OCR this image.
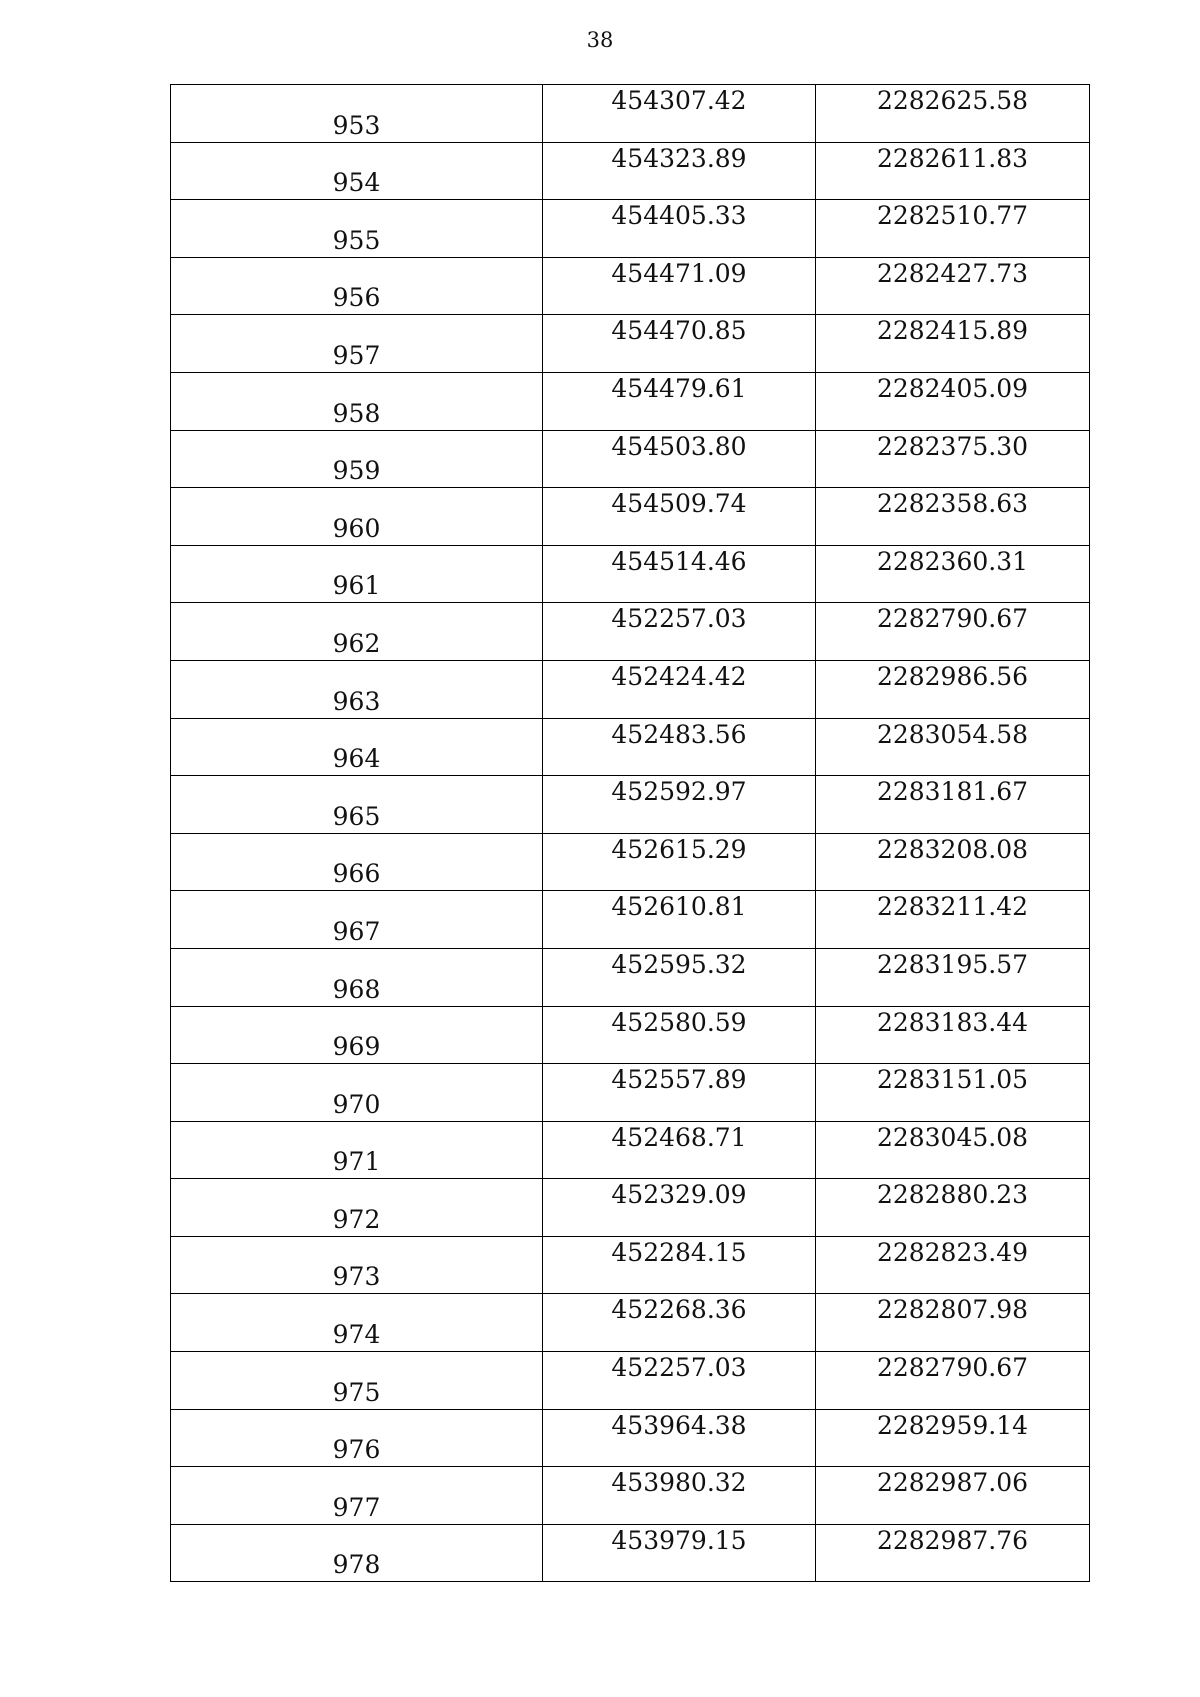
38
953	454307.42	2282625.58
954	454323.89	2282611.83
955	454405.33	2282510.77
956	454471.09	2282427.73
957	454470.85	2282415.89
958	454479.61	2282405.09
959	454503.80	2282375.30
960	454509.74	2282358.63
961	454514.46	2282360.31
962	452257.03	2282790.67
963	452424.42	2282986.56
964	452483.56	2283054.58
965	452592.97	2283181.67
966	452615.29	2283208.08
967	452610.81	2283211.42
968	452595.32	2283195.57
969	452580.59	2283183.44
970	452557.89	2283151.05
971	452468.71	2283045.08
972	452329.09	2282880.23
973	452284.15	2282823.49
974	452268.36	2282807.98
975	452257.03	2282790.67
976	453964.38	2282959.14
977	453980.32	2282987.06
978	453979.15	2282987.76
